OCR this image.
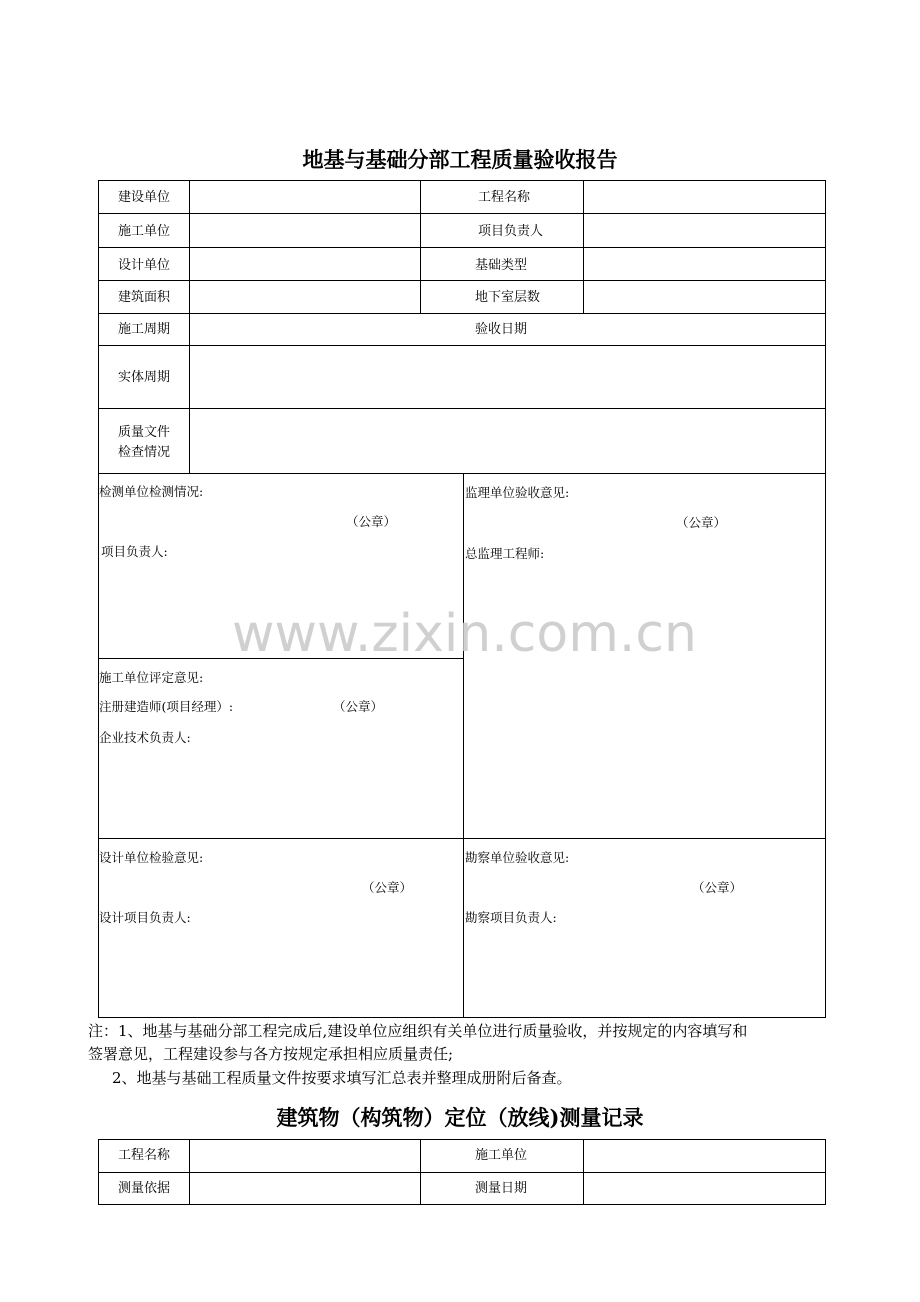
地基与基础分部工程质量验收报告
建设单位	工程名称
施工单位	项目负责人
设计单位	基础类型
建筑面积	地下室层数
施工周期	验收日期
实体周期
质量文件
检查情况
检测单位检测情况:
（公章）
项目负责人:
监理单位验收意见:
（公章）
总监理工程师:
施工单位评定意见:
注册建造师(项目经理）:	（公章）
企业技术负责人:
设计单位检验意见:
（公章）
设计项目负责人:
勘察单位验收意见:
（公章）
勘察项目负责人:
www.zixin.com.cn
注：1、地基与基础分部工程完成后,建设单位应组织有关单位进行质量验收，并按规定的内容填写和
签署意见，工程建设参与各方按规定承担相应质量责任;
2、地基与基础工程质量文件按要求填写汇总表并整理成册附后备查。
建筑物（构筑物）定位（放线)测量记录
工程名称	施工单位
测量依据	测量日期
